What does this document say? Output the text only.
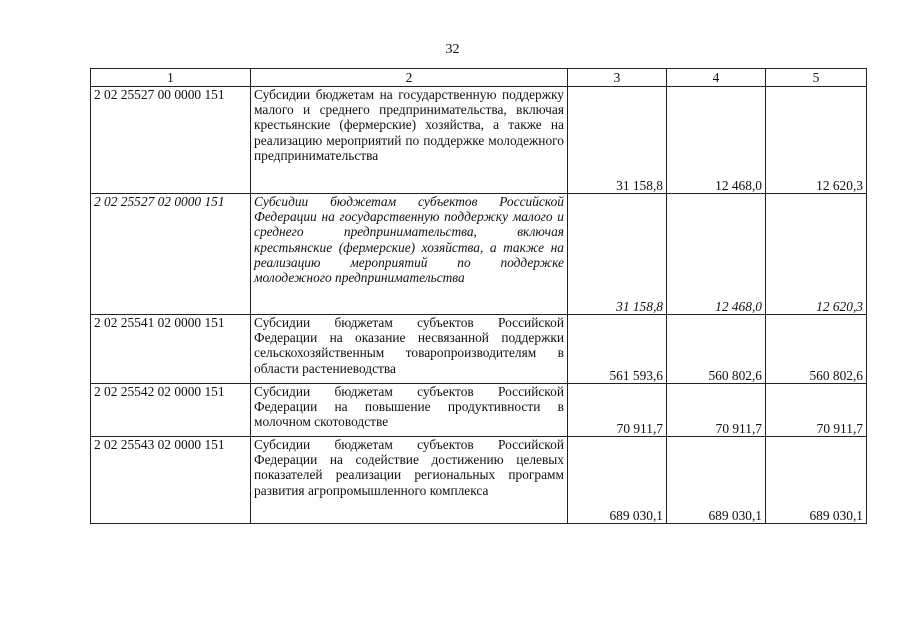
32
1	2	3	4	5
2 02 25527 00 0000 151	Субсидии бюджетам на государственную поддержку малого и среднего предпринимательства, включая крестьянские (фермерские) хозяйства, а также на реализацию мероприятий по поддержке молодежного предпринимательства	31 158,8	12 468,0	12 620,3
2 02 25527 02 0000 151	Субсидии бюджетам субъектов Российской Федерации на государственную поддержку малого и среднего предпринимательства, включая крестьянские (фермерские) хозяйства, а также на реализацию мероприятий по поддержке молодежного предпринимательства	31 158,8	12 468,0	12 620,3
2 02 25541 02 0000 151	Субсидии бюджетам субъектов Российской Федерации на оказание несвязанной поддержки сельскохозяйственным товаропроизводителям в области растениеводства	561 593,6	560 802,6	560 802,6
2 02 25542 02 0000 151	Субсидии бюджетам субъектов Российской Федерации на повышение продуктивности в молочном скотоводстве	70 911,7	70 911,7	70 911,7
2 02 25543 02 0000 151	Субсидии бюджетам субъектов Российской Федерации на содействие достижению целевых показателей реализации региональных программ развития агропромышленного комплекса	689 030,1	689 030,1	689 030,1
